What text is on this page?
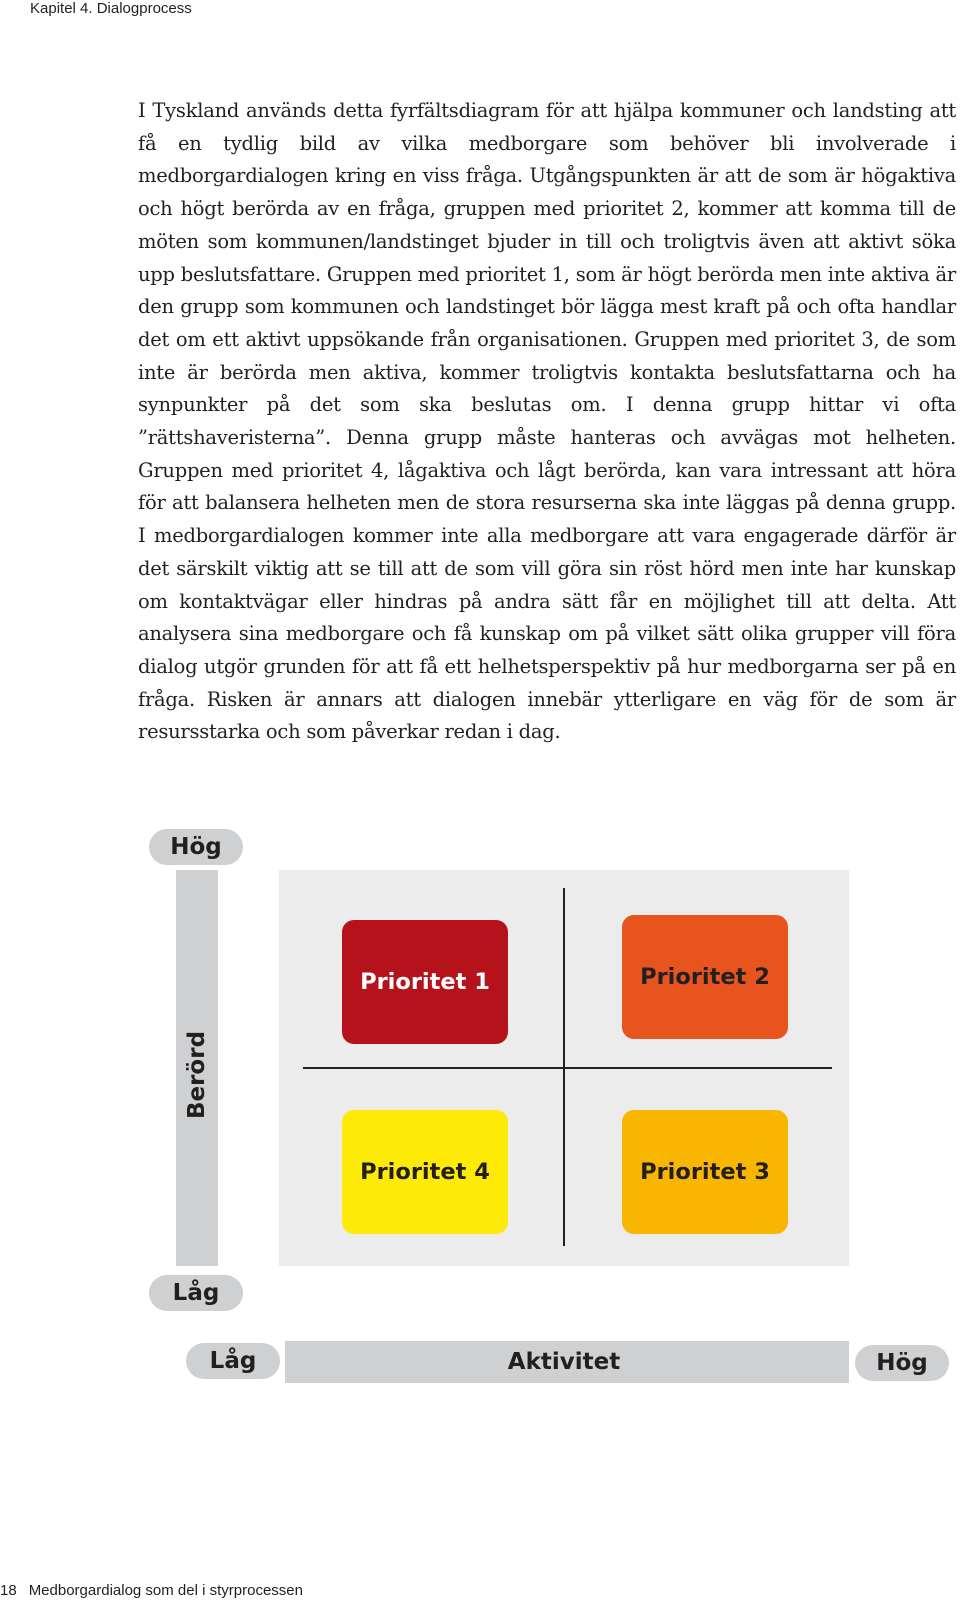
Kapitel 4. Dialogprocess

I Tyskland används detta fyrfältsdiagram för att hjälpa kommuner och landsting att få en tydlig bild av vilka medborgare som behöver bli involverade i medborgardialogen kring en viss fråga. Utgångspunkten är att de som är högaktiva och högt berörda av en fråga, gruppen med prioritet 2, kommer att komma till de möten som kommunen/landstinget bjuder in till och troligtvis även att aktivt söka upp beslutsfattare. Gruppen med prioritet 1, som är högt berörda men inte aktiva är den grupp som kommunen och landstinget bör lägga mest kraft på och ofta handlar det om ett aktivt uppsökande från organisationen. Gruppen med prioritet 3, de som inte är berörda men aktiva, kommer troligtvis kontakta beslutsfattarna och ha synpunkter på det som ska beslutas om. I denna grupp hittar vi ofta ”rättshaveristerna”. Denna grupp måste hanteras och avvägas mot helheten. Gruppen med prioritet 4, lågaktiva och lågt berörda, kan vara intressant att höra för att balansera helheten men de stora resurserna ska inte läggas på denna grupp. I medborgardialogen kommer inte alla medborgare att vara engagerade därför är det särskilt viktig att se till att de som vill göra sin röst hörd men inte har kunskap om kontaktvägar eller hindras på andra sätt får en möjlighet till att delta. Att analysera sina medborgare och få kunskap om på vilket sätt olika grupper vill föra dialog utgör grunden för att få ett helhetsperspektiv på hur medborgarna ser på en fråga. Risken är annars att dialogen innebär ytterligare en väg för de som är resursstarka och som påverkar redan i dag.

Hög
Berörd
Låg
Prioritet 1	Prioritet 2
Prioritet 4	Prioritet 3
Låg	Aktivitet	Hög
18 Medborgardialog som del i styrprocessen
